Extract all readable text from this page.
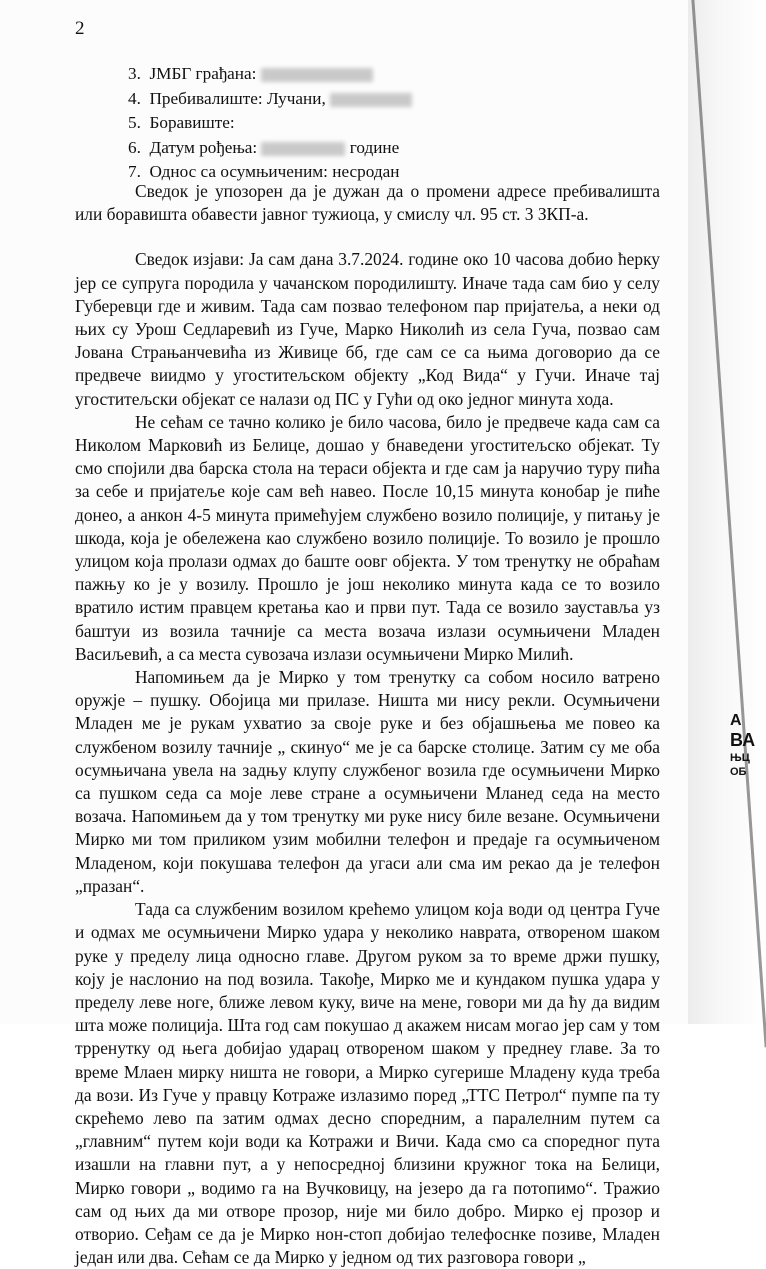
2
3. ЈМБГ грађана:
4. Пребивалиште: Лучани,
5. Боравиште:
6. Датум рођења:	године
7. Однос са осумњиченим: несродан

Сведок је упозорен да је дужан да о промени адресе пребивалишта или боравишта обавести јавног тужиоца, у смислу чл. 95 ст. 3 ЗКП-а.

Сведок изјави: Ја сам дана 3.7.2024. године око 10 часова добио ћерку јер се супруга породила у чачанском породилишту. Иначе тада сам био у селу Губеревци где и живим. Тада сам позвао телефоном пар пријатеља, а неки од њих су Урош Седларевић из Гуче, Марко Николић из села Гуча, позвао сам Јована Страњанчевића из Живице бб, где сам се са њима договорио да се предвече виидмо у угоститељском објекту „Код Вида“ у Гучи. Иначе тај угоститељски објекат се налази од ПС у Гући од око једног минута хода.

Не сећам се тачно колико је било часова, било је предвече када сам са Николом Марковић из Белице, дошао у бнаведени угоститељско објекат. Ту смо спојили два барска стола на тераси објекта и где сам ја наручио туру пића за себе и пријатеље које сам већ навео. После 10,15 минута конобар је пиће донео, а анкон 4-5 минута примећујем службено возило полиције, у питању је шкода, која је обележена као службено возило полиције. То возило је прошло улицом која пролази одмах до баште оовг објекта. У том тренутку не обраћам пажњу ко је у возилу. Прошло је још неколико минута када се то возило вратило истим правцем кретања као и први пут. Тада се возило зауставља уз баштуи из возила тачније са места возача излази осумњичени Младен Васиљевић, а са места сувозача излази осумњичени Мирко Милић.

Напомињем да је Мирко у том тренутку са собом носило ватрено оружје – пушку. Обојица ми прилазе. Ништа ми нису рекли. Осумњичени Младен ме је рукам ухватио за своје руке и без објашњења ме повео ка службеном возилу тачније „ скинуо“ ме је са барске столице. Затим су ме оба осумњичана увела на задњу клупу службеног возила где осумњичени Мирко са пушком седа са моје леве стране а осумњичени Мланед седа на место возача. Напомињем да у том тренутку ми руке нису биле везане. Осумњичени Мирко ми том приликом узим мобилни телефон и предаје га осумњиченом Младеном, који покушава телефон да угаси али сма им рекао да је телефон „празан“.

Тада са службеним возилом крећемо улицом која води од центра Гуче и одмах ме осумњичени Мирко удара у неколико наврата, отвореном шаком руке у пределу лица односно главе. Другом руком за то време држи пушку, коју је наслонио на под возила. Такође, Мирко ме и кундаком пушка удара у пределу леве ноге, ближе левом куку, виче на мене, говори ми да ћу да видим шта може полиција. Шта год сам покушао д акажем нисам могао јер сам у том трренутку од њега добијао ударац отвореном шаком у преднеу главе. За то време Млаен мирку ништа не говори, а Мирко сугерише Младену куда треба да вози. Из Гуче у правцу Котраже излазимо поред „ТТС Петрол“ пумпе па ту скрећемо лево па затим одмах десно споредним, а паралелним путем са „главним“ путем који води ка Котражи и Вичи. Када смо са споредног пута изашли на главни пут, а у непосредној близини кружног тока на Белици, Мирко говори „ водимо га на Вучковицу, на језеро да га потопимо“. Тражио сам од њих да ми отворе прозор, није ми било добро. Мирко еј прозор и отворио. Сеђам се да је Мирко нон-стоп добијао телефоснке позиве, Младен један или два. Сећам се да Мирко у једном од тих разговора говори „

А
ВА
ЊЦ
ОБ
